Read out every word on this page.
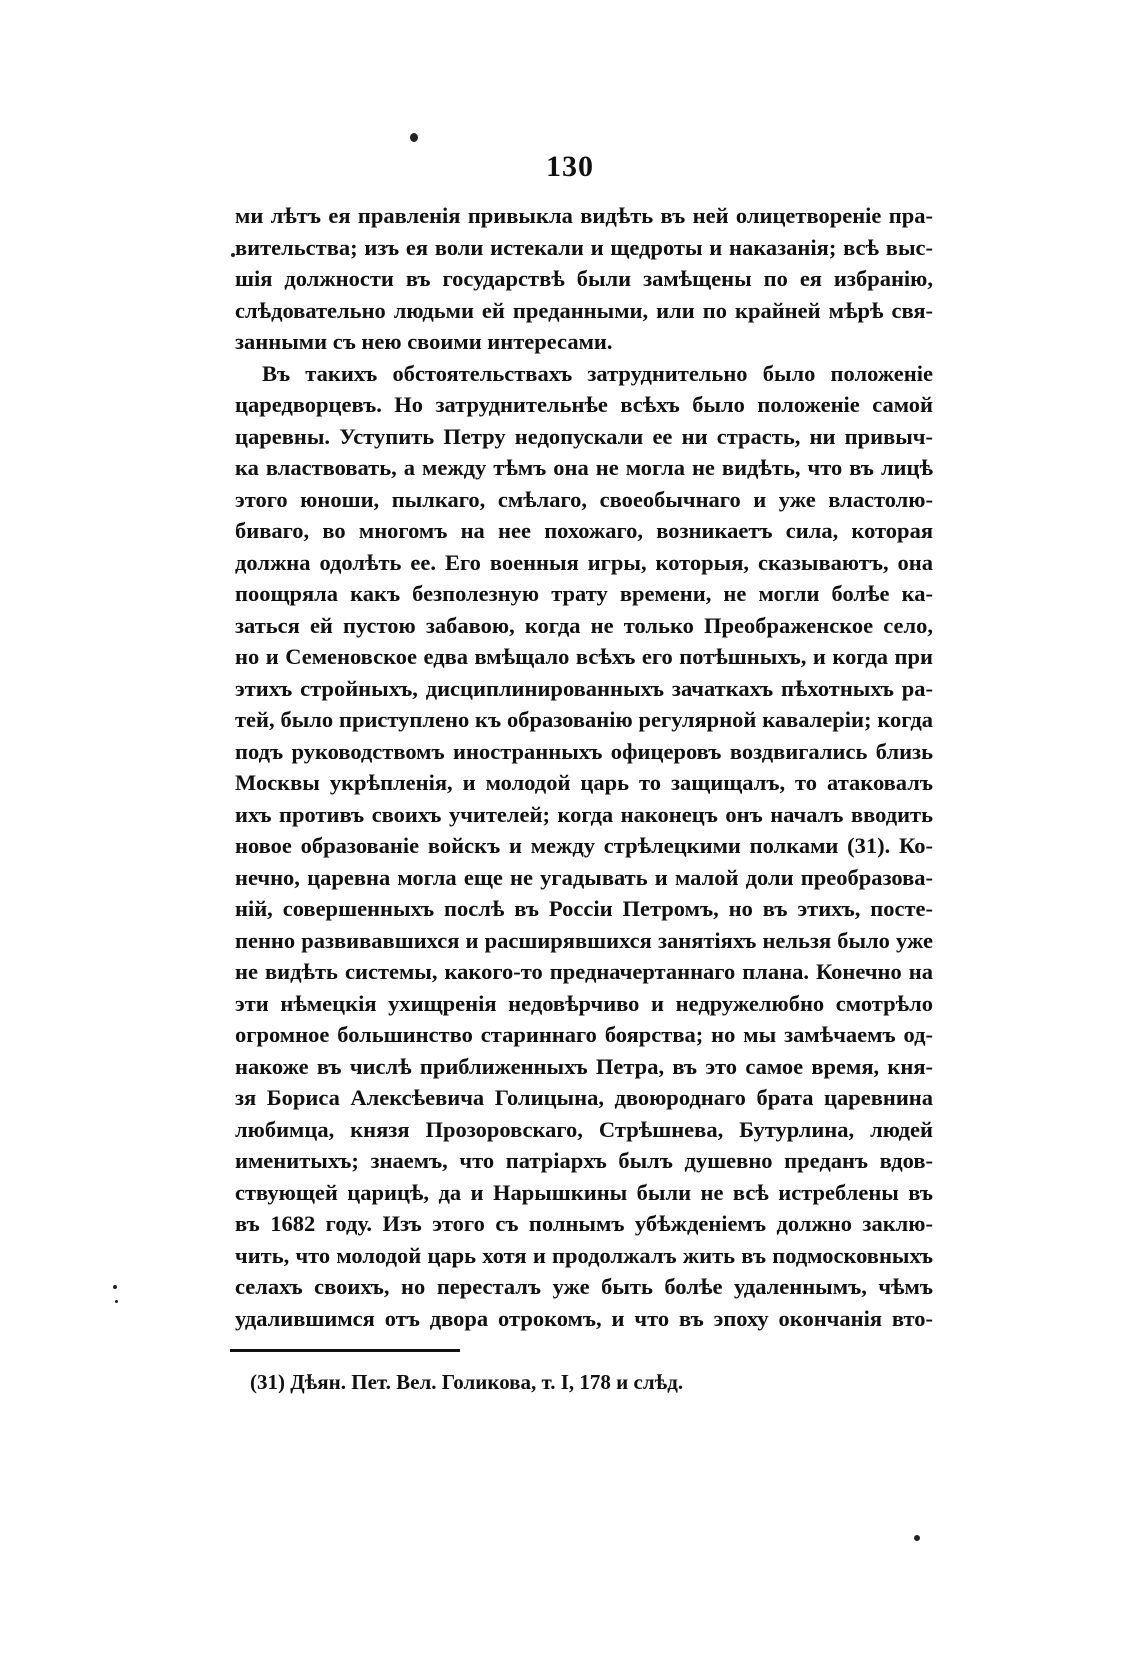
130
ми лѣтъ ея правленія привыкла видѣть въ ней олицетвореніе пра-
вительства; изъ ея воли истекали и щедроты и наказанія; всѣ выс-
шія должности въ государствѣ были замѣщены по ея избранію,
слѣдовательно людьми ей преданными, или по крайней мѣрѣ свя-
занными съ нею своими интересами.
Въ такихъ обстоятельствахъ затруднительно было положеніе
царедворцевъ. Но затруднительнѣе всѣхъ было положеніе самой
царевны. Уступить Петру недопускали ее ни страсть, ни привыч-
ка властвовать, а между тѣмъ она не могла не видѣть, что въ лицѣ
этого юноши, пылкаго, смѣлаго, своеобычнаго и уже властолю-
биваго, во многомъ на нее похожаго, возникаетъ сила, которая
должна одолѣть ее. Его военныя игры, которыя, сказываютъ, она
поощряла какъ безполезную трату времени, не могли болѣе ка-
заться ей пустою забавою, когда не только Преображенское село,
но и Семеновское едва вмѣщало всѣхъ его потѣшныхъ, и когда при
этихъ стройныхъ, дисциплинированныхъ зачаткахъ пѣхотныхъ ра-
тей, было приступлено къ образованію регулярной кавалеріи; когда
подъ руководствомъ иностранныхъ офицеровъ воздвигались близь
Москвы укрѣпленія, и молодой царь то защищалъ, то атаковалъ
ихъ противъ своихъ учителей; когда наконецъ онъ началъ вводить
новое образованіе войскъ и между стрѣлецкими полками (31). Ко-
нечно, царевна могла еще не угадывать и малой доли преобразова-
ній, совершенныхъ послѣ въ Россіи Петромъ, но въ этихъ, посте-
пенно развивавшихся и расширявшихся занятіяхъ нельзя было уже
не видѣть системы, какого-то предначертаннаго плана. Конечно на
эти нѣмецкія ухищренія недовѣрчиво и недружелюбно смотрѣло
огромное большинство стариннаго боярства; но мы замѣчаемъ од-
накоже въ числѣ приближенныхъ Петра, въ это самое время, кня-
зя Бориса Алексѣевича Голицына, двоюроднаго брата царевнина
любимца, князя Прозоровскаго, Стрѣшнева, Бутурлина, людей
именитыхъ; знаемъ, что патріархъ былъ душевно преданъ вдов-
ствующей царицѣ, да и Нарышкины были не всѣ истреблены въ
въ 1682 году. Изъ этого съ полнымъ убѣжденіемъ должно заклю-
чить, что молодой царь хотя и продолжалъ жить въ подмосковныхъ
селахъ своихъ, но пересталъ уже быть болѣе удаленнымъ, чѣмъ
удалившимся отъ двора отрокомъ, и что въ эпоху окончанія вто-
(31) Дѣян. Пет. Вел. Голикова, т. I, 178 и слѣд.
